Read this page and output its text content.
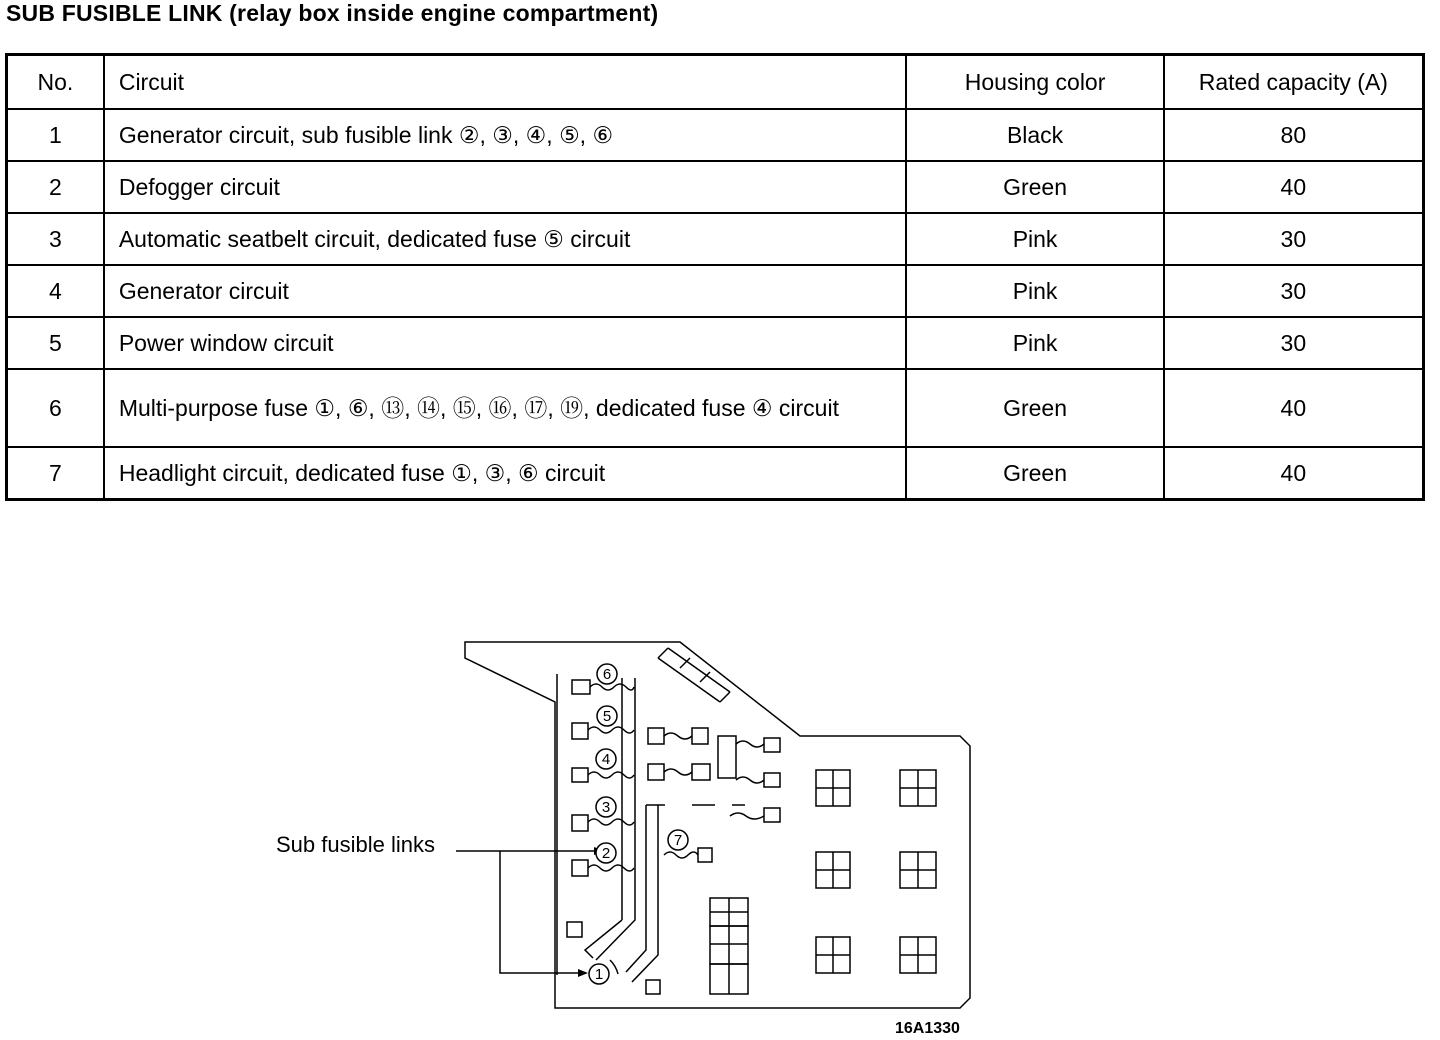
SUB FUSIBLE LINK (relay box inside engine compartment)
No.	Circuit	Housing color	Rated capacity (A)
1	Generator circuit, sub fusible link ②, ③, ④, ⑤, ⑥	Black	80
2	Defogger circuit	Green	40
3	Automatic seatbelt circuit, dedicated fuse ⑤ circuit	Pink	30
4	Generator circuit	Pink	30
5	Power window circuit	Pink	30
6	Multi-purpose fuse ①, ⑥, ⑬, ⑭, ⑮, ⑯, ⑰, ⑲, dedicated fuse ④ circuit	Green	40
7	Headlight circuit, dedicated fuse ①, ③, ⑥ circuit	Green	40
6
5
4
3
2
1
7
Sub fusible links
16A1330
